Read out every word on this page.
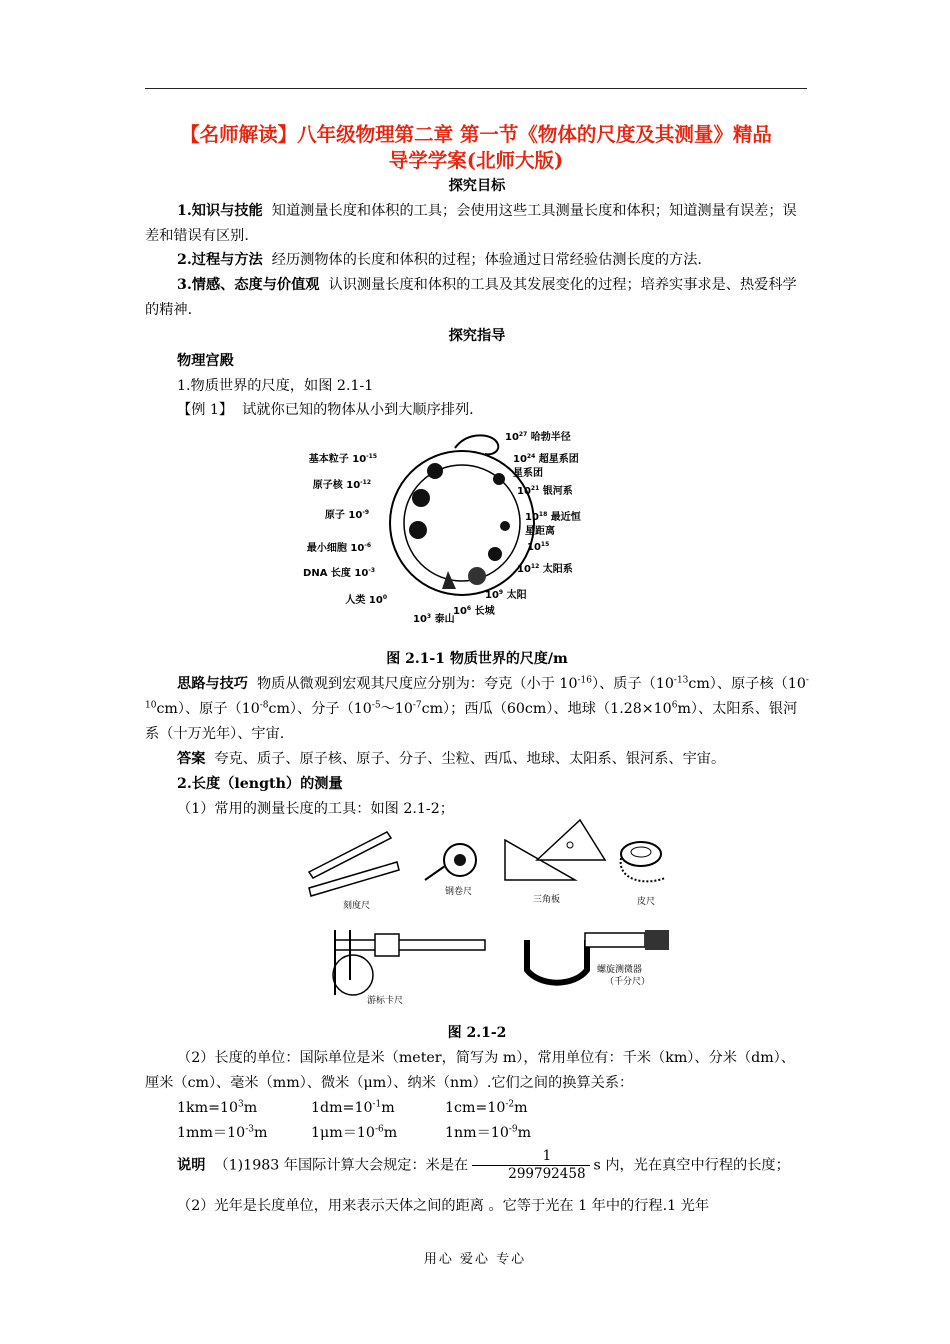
【名师解读】八年级物理第二章 第一节《物体的尺度及其测量》精品
导学学案(北师大版)
探究目标
1.知识与技能 知道测量长度和体积的工具；会使用这些工具测量长度和体积；知道测量有误差；误差和错误有区别.
2.过程与方法 经历测物体的长度和体积的过程；体验通过日常经验估测长度的方法.
3.情感、态度与价值观 认识测量长度和体积的工具及其发展变化的过程；培养实事求是、热爱科学的精神.
探究指导
物理宫殿
1.物质世界的尺度，如图 2.1-1
【例 1】 试就你已知的物体从小到大顺序排列.
基本粒子 $10^{-15}$
原子核 $10^{-12}$
原子 $10^{-9}$
最小细胞 $10^{-6}$
DNA 长度 $10^{-3}$
人类 $10^0$
$10^3$ 泰山
$10^6$ 长城
$10^9$ 太阳
$10^{27}$ 哈勃半径
$10^{24}$ 超星系团
星系团
$10^{21}$ 银河系
$10^{18}$ 最近恒
星距离
$10^{15}$
$10^{12}$ 太阳系
图 2.1-1 物质世界的尺度/m
思路与技巧 物质从微观到宏观其尺度应分别为：夸克（小于 $10^{-16}$）、质子$(10^{-13}cm)$、原子核$(10^{-10}cm)$、原子$(10^{-8}cm)$、分子$(10^{-5}\sim 10^{-7}cm)$；西瓜（60cm）、地球$(1.28\times 10^6m)$、太阳系、银河系（十万光年）、宇宙.
答案 夸克、质子、原子核、原子、分子、尘粒、西瓜、地球、太阳系、银河系、宇宙。
2.长度（length）的测量
（1）常用的测量长度的工具：如图 2.1-2；
刻度尺
钢卷尺
三角板	皮尺
游标卡尺
螺旋测微器
（千分尺）
图 2.1-2
（2）长度的单位：国际单位是米（meter，简写为 m），常用单位有：千米（km）、分米（dm）、厘米（cm）、毫米（mm）、微米（μm）、纳米（nm）.它们之间的换算关系：
$1km=10^3m$	$1dm=10^{-1}m$	$1cm=10^{-2}m$
$1mm=10^{-3}m$	$1\mu m=10^{-6}m$	$1nm=10^{-9}m$
说明 （1)1983 年国际计算大会规定：米是在 $\frac{1}{299792458}$ s 内，光在真空中行程的长度；
（2）光年是长度单位，用来表示天体之间的距离 。它等于光在 1 年中的行程.1 光年
用心 爱心 专心
